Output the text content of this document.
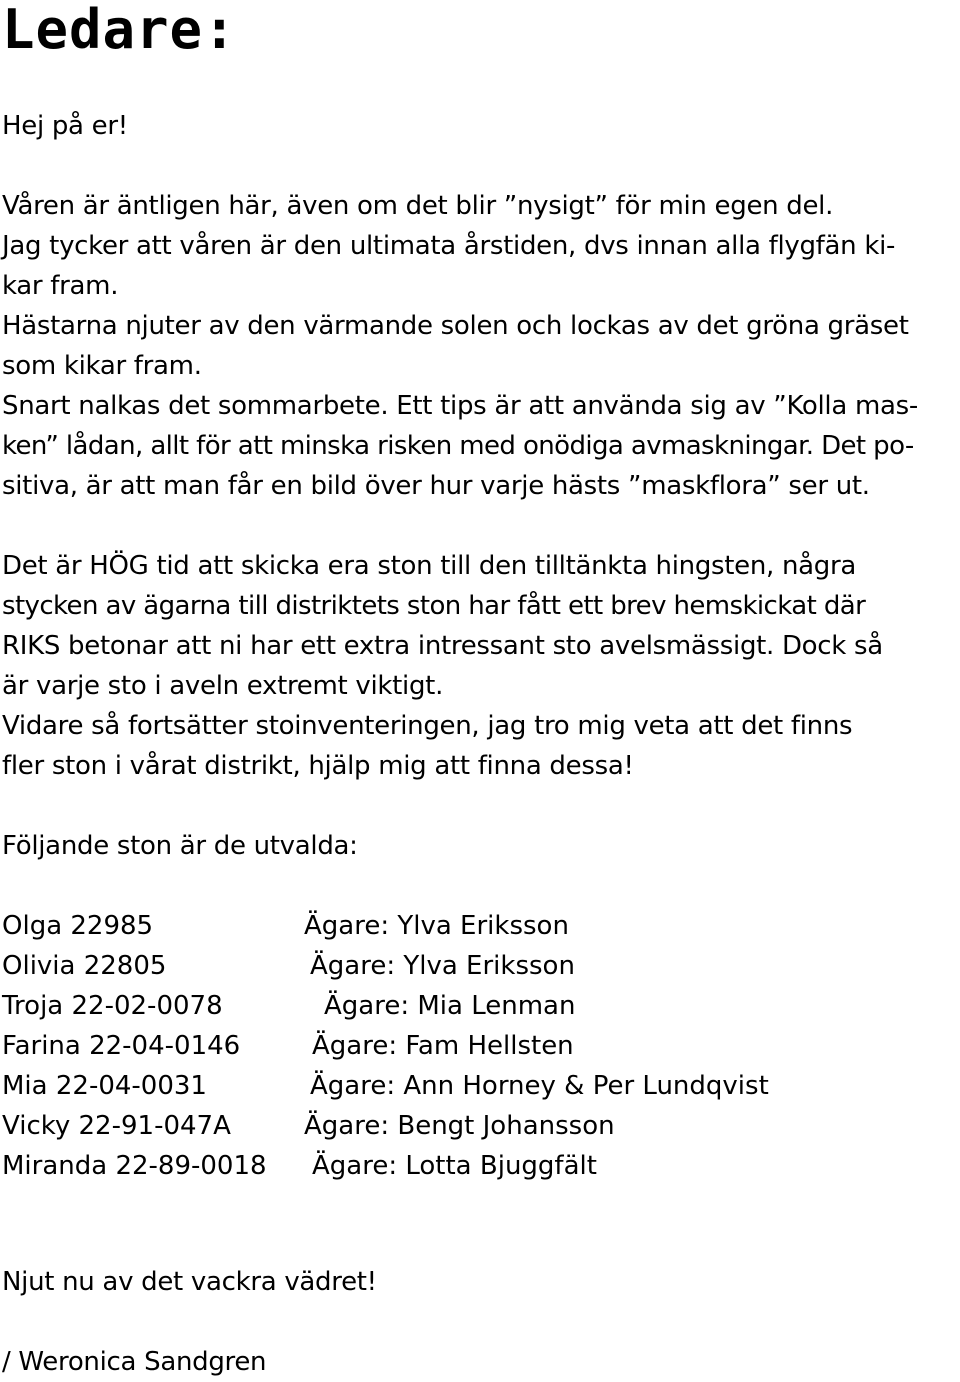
Ledare:
Hej på er!
Våren är äntligen här, även om det blir ”nysigt” för min egen del.
Jag tycker att våren är den ultimata årstiden, dvs innan alla flygfän ki-
kar fram.
Hästarna njuter av den värmande solen och lockas av det gröna gräset
som kikar fram.
Snart nalkas det sommarbete. Ett tips är att använda sig av ”Kolla mas-
ken” lådan, allt för att minska risken med onödiga avmaskningar. Det po-
sitiva, är att man får en bild över hur varje hästs ”maskflora” ser ut.
Det är HÖG tid att skicka era ston till den tilltänkta hingsten, några
stycken av ägarna till distriktets ston har fått ett brev hemskickat där
RIKS betonar att ni har ett extra intressant sto avelsmässigt. Dock så
är varje sto i aveln extremt viktigt.
Vidare så fortsätter stoinventeringen, jag tro mig veta att det finns
fler ston i vårat distrikt, hjälp mig att finna dessa!
Följande ston är de utvalda:
Olga 22985	Ägare: Ylva Eriksson
Olivia 22805	Ägare: Ylva Eriksson
Troja 22-02-0078	Ägare: Mia Lenman
Farina 22-04-0146	Ägare: Fam Hellsten
Mia 22-04-0031	Ägare: Ann Horney & Per Lundqvist
Vicky 22-91-047A	Ägare: Bengt Johansson
Miranda 22-89-0018 Ägare: Lotta Bjuggfält
Njut nu av det vackra vädret!
/ Weronica Sandgren
